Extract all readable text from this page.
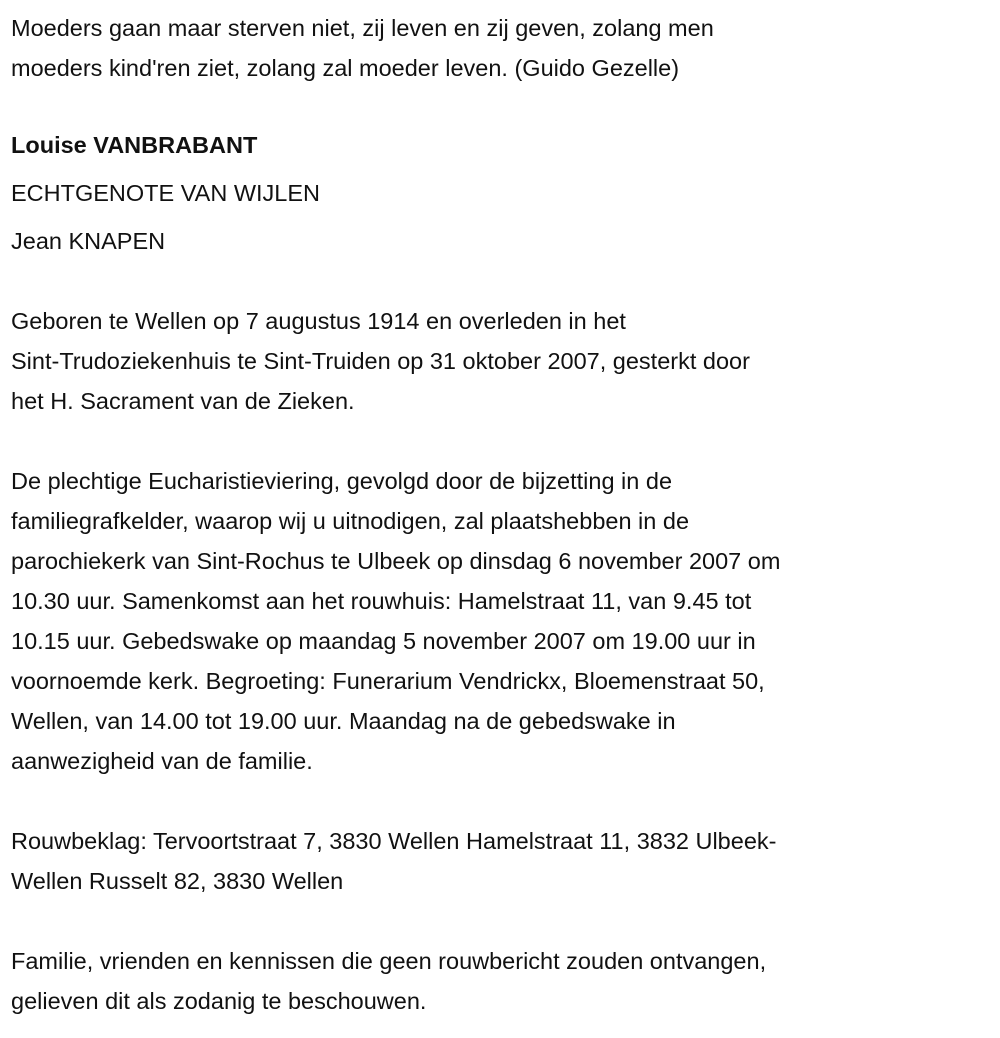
Moeders gaan maar sterven niet, zij leven en zij geven, zolang men
moeders kind'ren ziet, zolang zal moeder leven. (Guido Gezelle)
Louise VANBRABANT
ECHTGENOTE VAN WIJLEN
Jean KNAPEN
Geboren te Wellen op 7 augustus 1914 en overleden in het
Sint-Trudoziekenhuis te Sint-Truiden op 31 oktober 2007, gesterkt door
het H. Sacrament van de Zieken.
De plechtige Eucharistieviering, gevolgd door de bijzetting in de
familiegrafkelder, waarop wij u uitnodigen, zal plaatshebben in de
parochiekerk van Sint-Rochus te Ulbeek op dinsdag 6 november 2007 om
10.30 uur. Samenkomst aan het rouwhuis: Hamelstraat 11, van 9.45 tot
10.15 uur. Gebedswake op maandag 5 november 2007 om 19.00 uur in
voornoemde kerk. Begroeting: Funerarium Vendrickx, Bloemenstraat 50,
Wellen, van 14.00 tot 19.00 uur. Maandag na de gebedswake in
aanwezigheid van de familie.
Rouwbeklag: Tervoortstraat 7, 3830 Wellen Hamelstraat 11, 3832 Ulbeek-
Wellen Russelt 82, 3830 Wellen
Familie, vrienden en kennissen die geen rouwbericht zouden ontvangen,
gelieven dit als zodanig te beschouwen.
